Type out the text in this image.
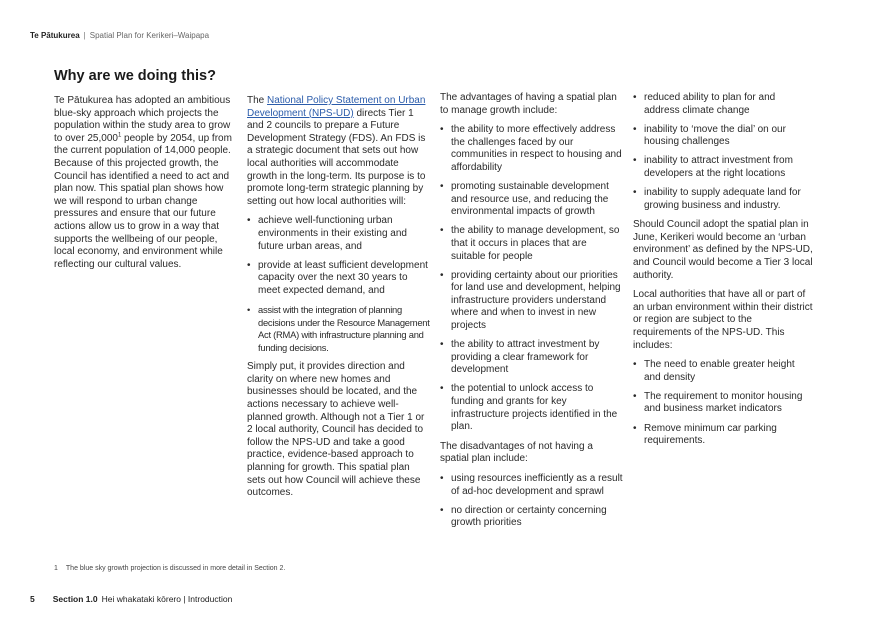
Te Pātukurea | Spatial Plan for Kerikeri–Waipapa
Why are we doing this?

Te Pātukurea has adopted an ambitious blue-sky approach which projects the population within the study area to grow to over 25,000$^1$ people by 2054, up from the current population of 14,000 people. Because of this projected growth, the Council has identified a need to act and plan now. This spatial plan shows how we will respond to urban change pressures and ensure that our future actions allow us to grow in a way that supports the wellbeing of our people, local economy, and environment while reflecting our cultural values.

The National Policy Statement on Urban Development (NPS-UD) directs Tier 1 and 2 councils to prepare a Future Development Strategy (FDS). An FDS is a strategic document that sets out how local authorities will accommodate growth in the long-term. Its purpose is to promote long-term strategic planning by setting out how local authorities will:

• achieve well-functioning urban environments in their existing and future urban areas, and
• provide at least sufficient development capacity over the next 30 years to meet expected demand, and
• assist with the integration of planning decisions under the Resource Management Act (RMA) with infrastructure planning and funding decisions.

Simply put, it provides direction and clarity on where new homes and businesses should be located, and the actions necessary to achieve well-planned growth. Although not a Tier 1 or 2 local authority, Council has decided to follow the NPS-UD and take a good practice, evidence-based approach to planning for growth. This spatial plan sets out how Council will achieve these outcomes.

The advantages of having a spatial plan to manage growth include:

• the ability to more effectively address the challenges faced by our communities in respect to housing and affordability
• promoting sustainable development and resource use, and reducing the environmental impacts of growth
• the ability to manage development, so that it occurs in places that are suitable for people
• providing certainty about our priorities for land use and development, helping infrastructure providers understand where and when to invest in new projects
• the ability to attract investment by providing a clear framework for development
• the potential to unlock access to funding and grants for key infrastructure projects identified in the plan.

The disadvantages of not having a spatial plan include:

• using resources inefficiently as a result of ad-hoc development and sprawl
• no direction or certainty concerning growth priorities
• reduced ability to plan for and address climate change
• inability to ‘move the dial’ on our housing challenges
• inability to attract investment from developers at the right locations
• inability to supply adequate land for growing business and industry.

Should Council adopt the spatial plan in June, Kerikeri would become an ‘urban environment’ as defined by the NPS-UD, and Council would become a Tier 3 local authority.

Local authorities that have all or part of an urban environment within their district or region are subject to the requirements of the NPS-UD. This includes:

• The need to enable greater height and density
• The requirement to monitor housing and business market indicators
• Remove minimum car parking requirements.
1 The blue sky growth projection is discussed in more detail in Section 2.
5 Section 1.0 Hei whakataki kōrero | Introduction
